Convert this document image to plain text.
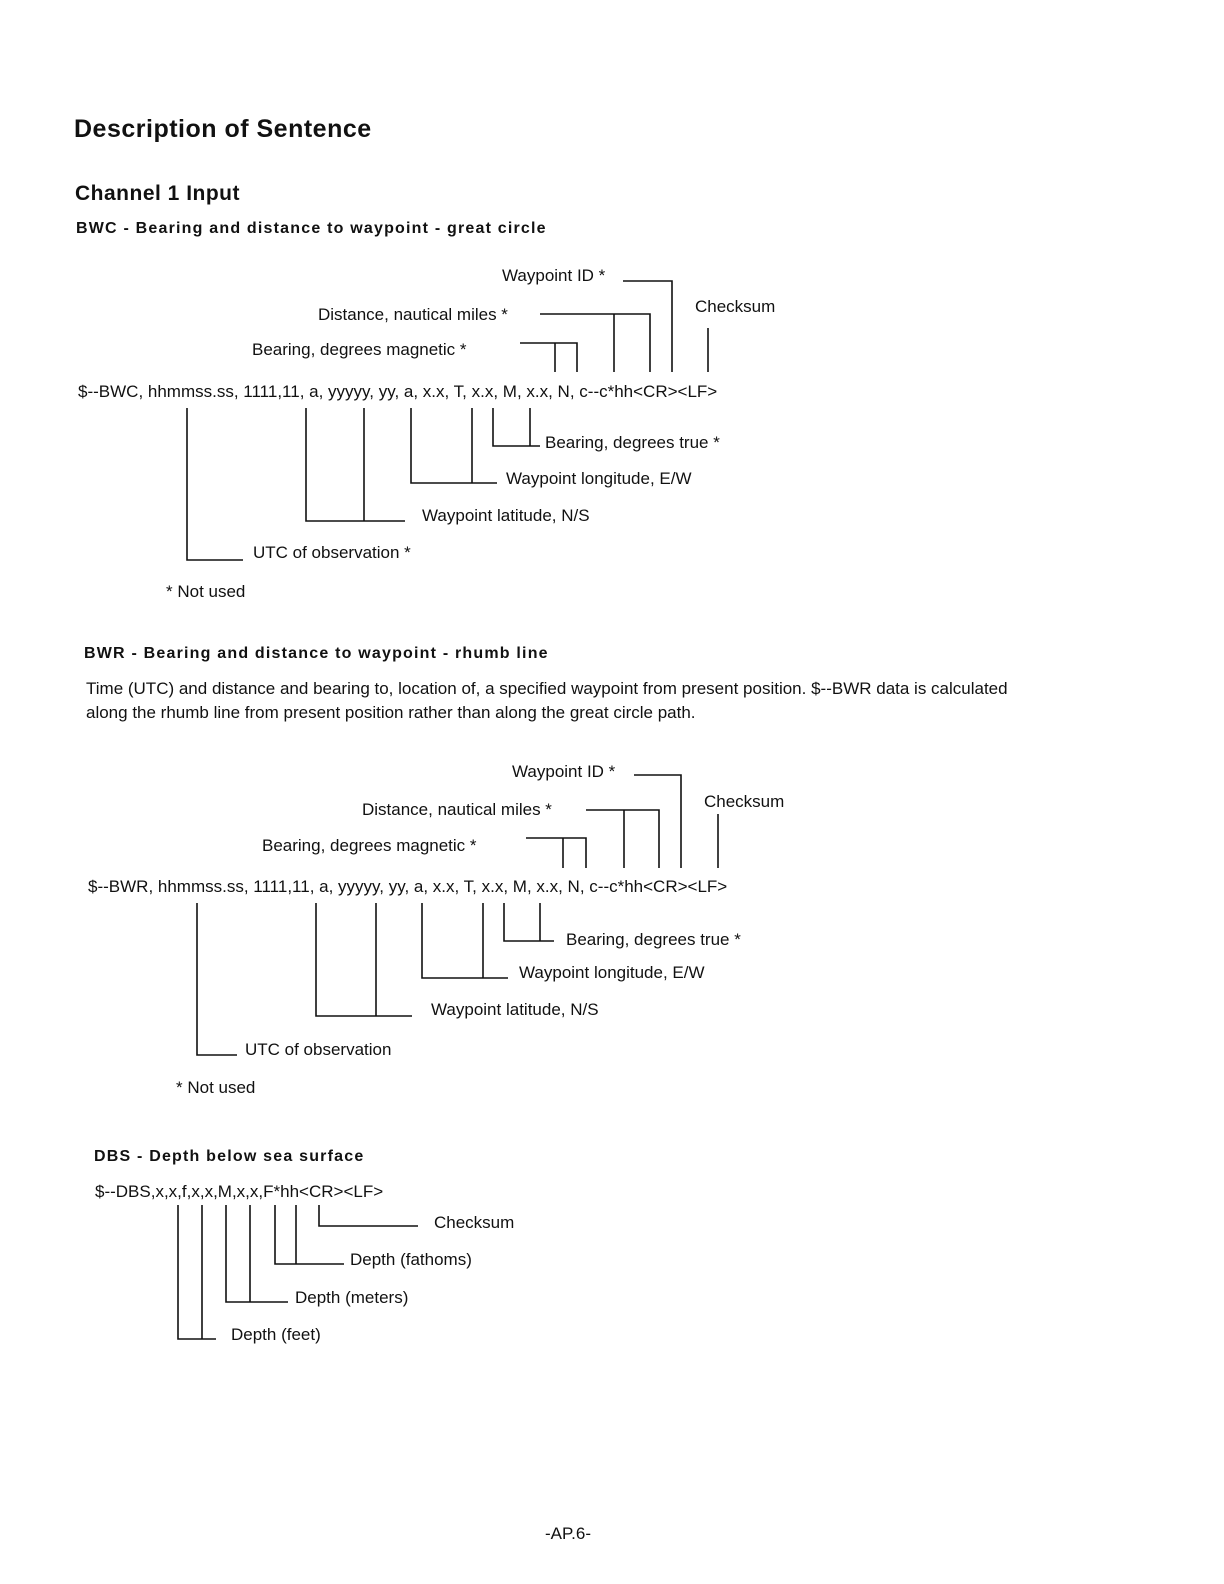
Description of Sentence
Channel 1 Input
BWC - Bearing and distance to waypoint - great circle
Waypoint ID *
Distance, nautical miles *	Checksum
Bearing, degrees magnetic *
$--BWC, hhmmss.ss, 1111,11, a, yyyyy, yy, a, x.x, T, x.x, M, x.x, N, c--c*hh<CR><LF>
Bearing, degrees true *
Waypoint longitude, E/W
Waypoint latitude, N/S
UTC of observation *
* Not used
BWR - Bearing and distance to waypoint - rhumb line
Time (UTC) and distance and bearing to, location of, a specified waypoint from present position. $--BWR data is calculated along the rhumb line from present position rather than along the great circle path.
Waypoint ID *
Distance, nautical miles *	Checksum
Bearing, degrees magnetic *
$--BWR, hhmmss.ss, 1111,11, a, yyyyy, yy, a, x.x, T, x.x, M, x.x, N, c--c*hh<CR><LF>
Bearing, degrees true *
Waypoint longitude, E/W
Waypoint latitude, N/S
UTC of observation
* Not used
DBS - Depth below sea surface
$--DBS,x,x,f,x,x,M,x,x,F*hh<CR><LF>
Checksum
Depth (fathoms)
Depth (meters)
Depth (feet)
-AP.6-
